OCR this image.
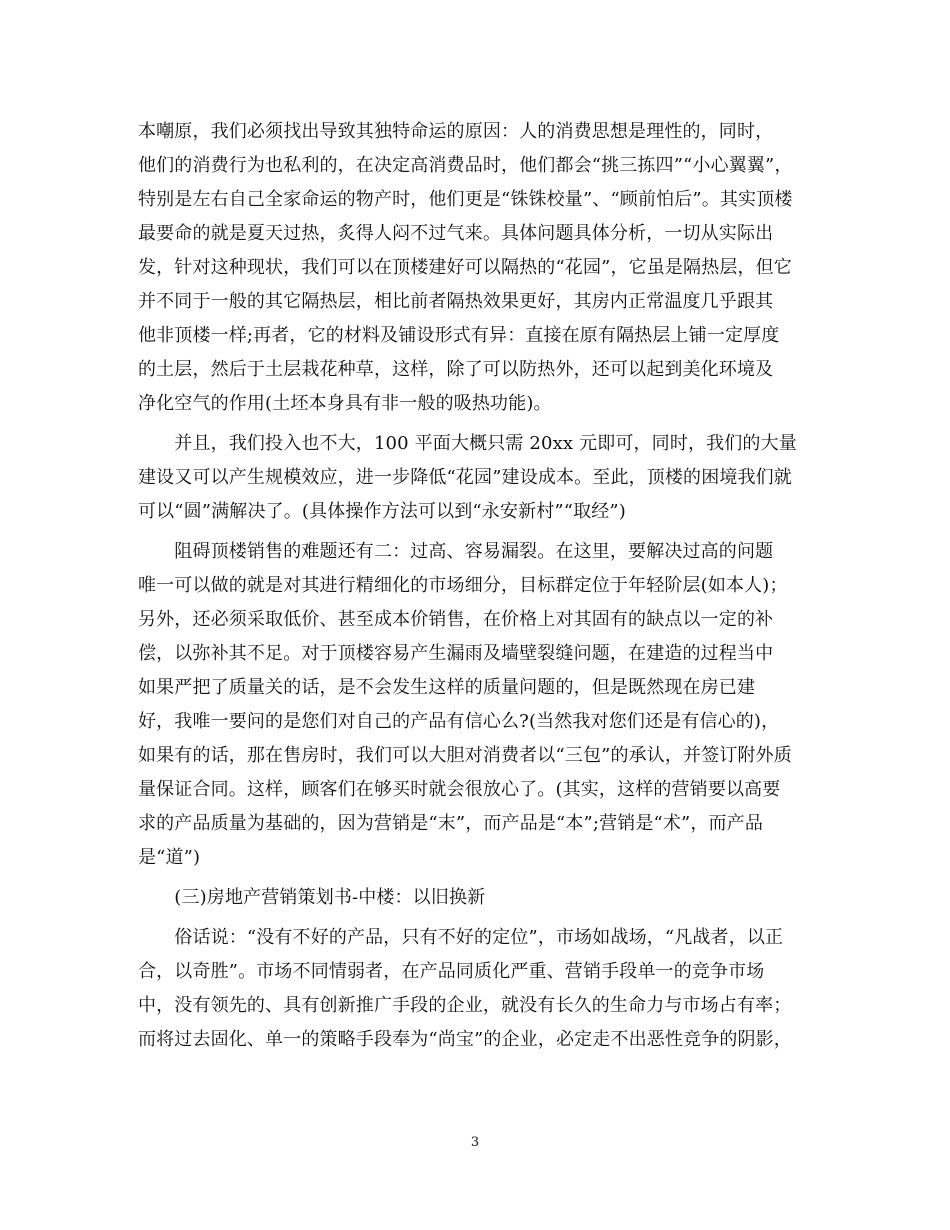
本嘲原，我们必须找出导致其独特命运的原因：人的消费思想是理性的，同时，
他们的消费行为也私利的，在决定高消费品时，他们都会“挑三拣四”“小心翼翼”，
特别是左右自己全家命运的物产时，他们更是“铢铢校量”、“顾前怕后”。其实顶楼
最要命的就是夏天过热，炙得人闷不过气来。具体问题具体分析，一切从实际出
发，针对这种现状，我们可以在顶楼建好可以隔热的“花园”，它虽是隔热层，但它
并不同于一般的其它隔热层，相比前者隔热效果更好，其房内正常温度几乎跟其
他非顶楼一样;再者，它的材料及铺设形式有异：直接在原有隔热层上铺一定厚度
的土层，然后于土层栽花种草，这样，除了可以防热外，还可以起到美化环境及
净化空气的作用(土坯本身具有非一般的吸热功能)。
　　并且，我们投入也不大，100 平面大概只需 20xx 元即可，同时，我们的大量
建设又可以产生规模效应，进一步降低“花园”建设成本。至此，顶楼的困境我们就
可以“圆”满解决了。(具体操作方法可以到“永安新村”“取经”)
　　阻碍顶楼销售的难题还有二：过高、容易漏裂。在这里，要解决过高的问题
唯一可以做的就是对其进行精细化的市场细分，目标群定位于年轻阶层(如本人)；
另外，还必须采取低价、甚至成本价销售，在价格上对其固有的缺点以一定的补
偿，以弥补其不足。对于顶楼容易产生漏雨及墙壁裂缝问题，在建造的过程当中
如果严把了质量关的话，是不会发生这样的质量问题的，但是既然现在房已建
好，我唯一要问的是您们对自己的产品有信心么?(当然我对您们还是有信心的)，
如果有的话，那在售房时，我们可以大胆对消费者以“三包”的承认，并签订附外质
量保证合同。这样，顾客们在够买时就会很放心了。(其实，这样的营销要以高要
求的产品质量为基础的，因为营销是“末”，而产品是“本”;营销是“术”，而产品
是“道”)
　　(三)房地产营销策划书-中楼：以旧换新
　　俗话说：“没有不好的产品，只有不好的定位”，市场如战场，“凡战者，以正
合，以奇胜”。市场不同情弱者，在产品同质化严重、营销手段单一的竞争市场
中，没有领先的、具有创新推广手段的企业，就没有长久的生命力与市场占有率；
而将过去固化、单一的策略手段奉为“尚宝”的企业，必定走不出恶性竞争的阴影，
3
